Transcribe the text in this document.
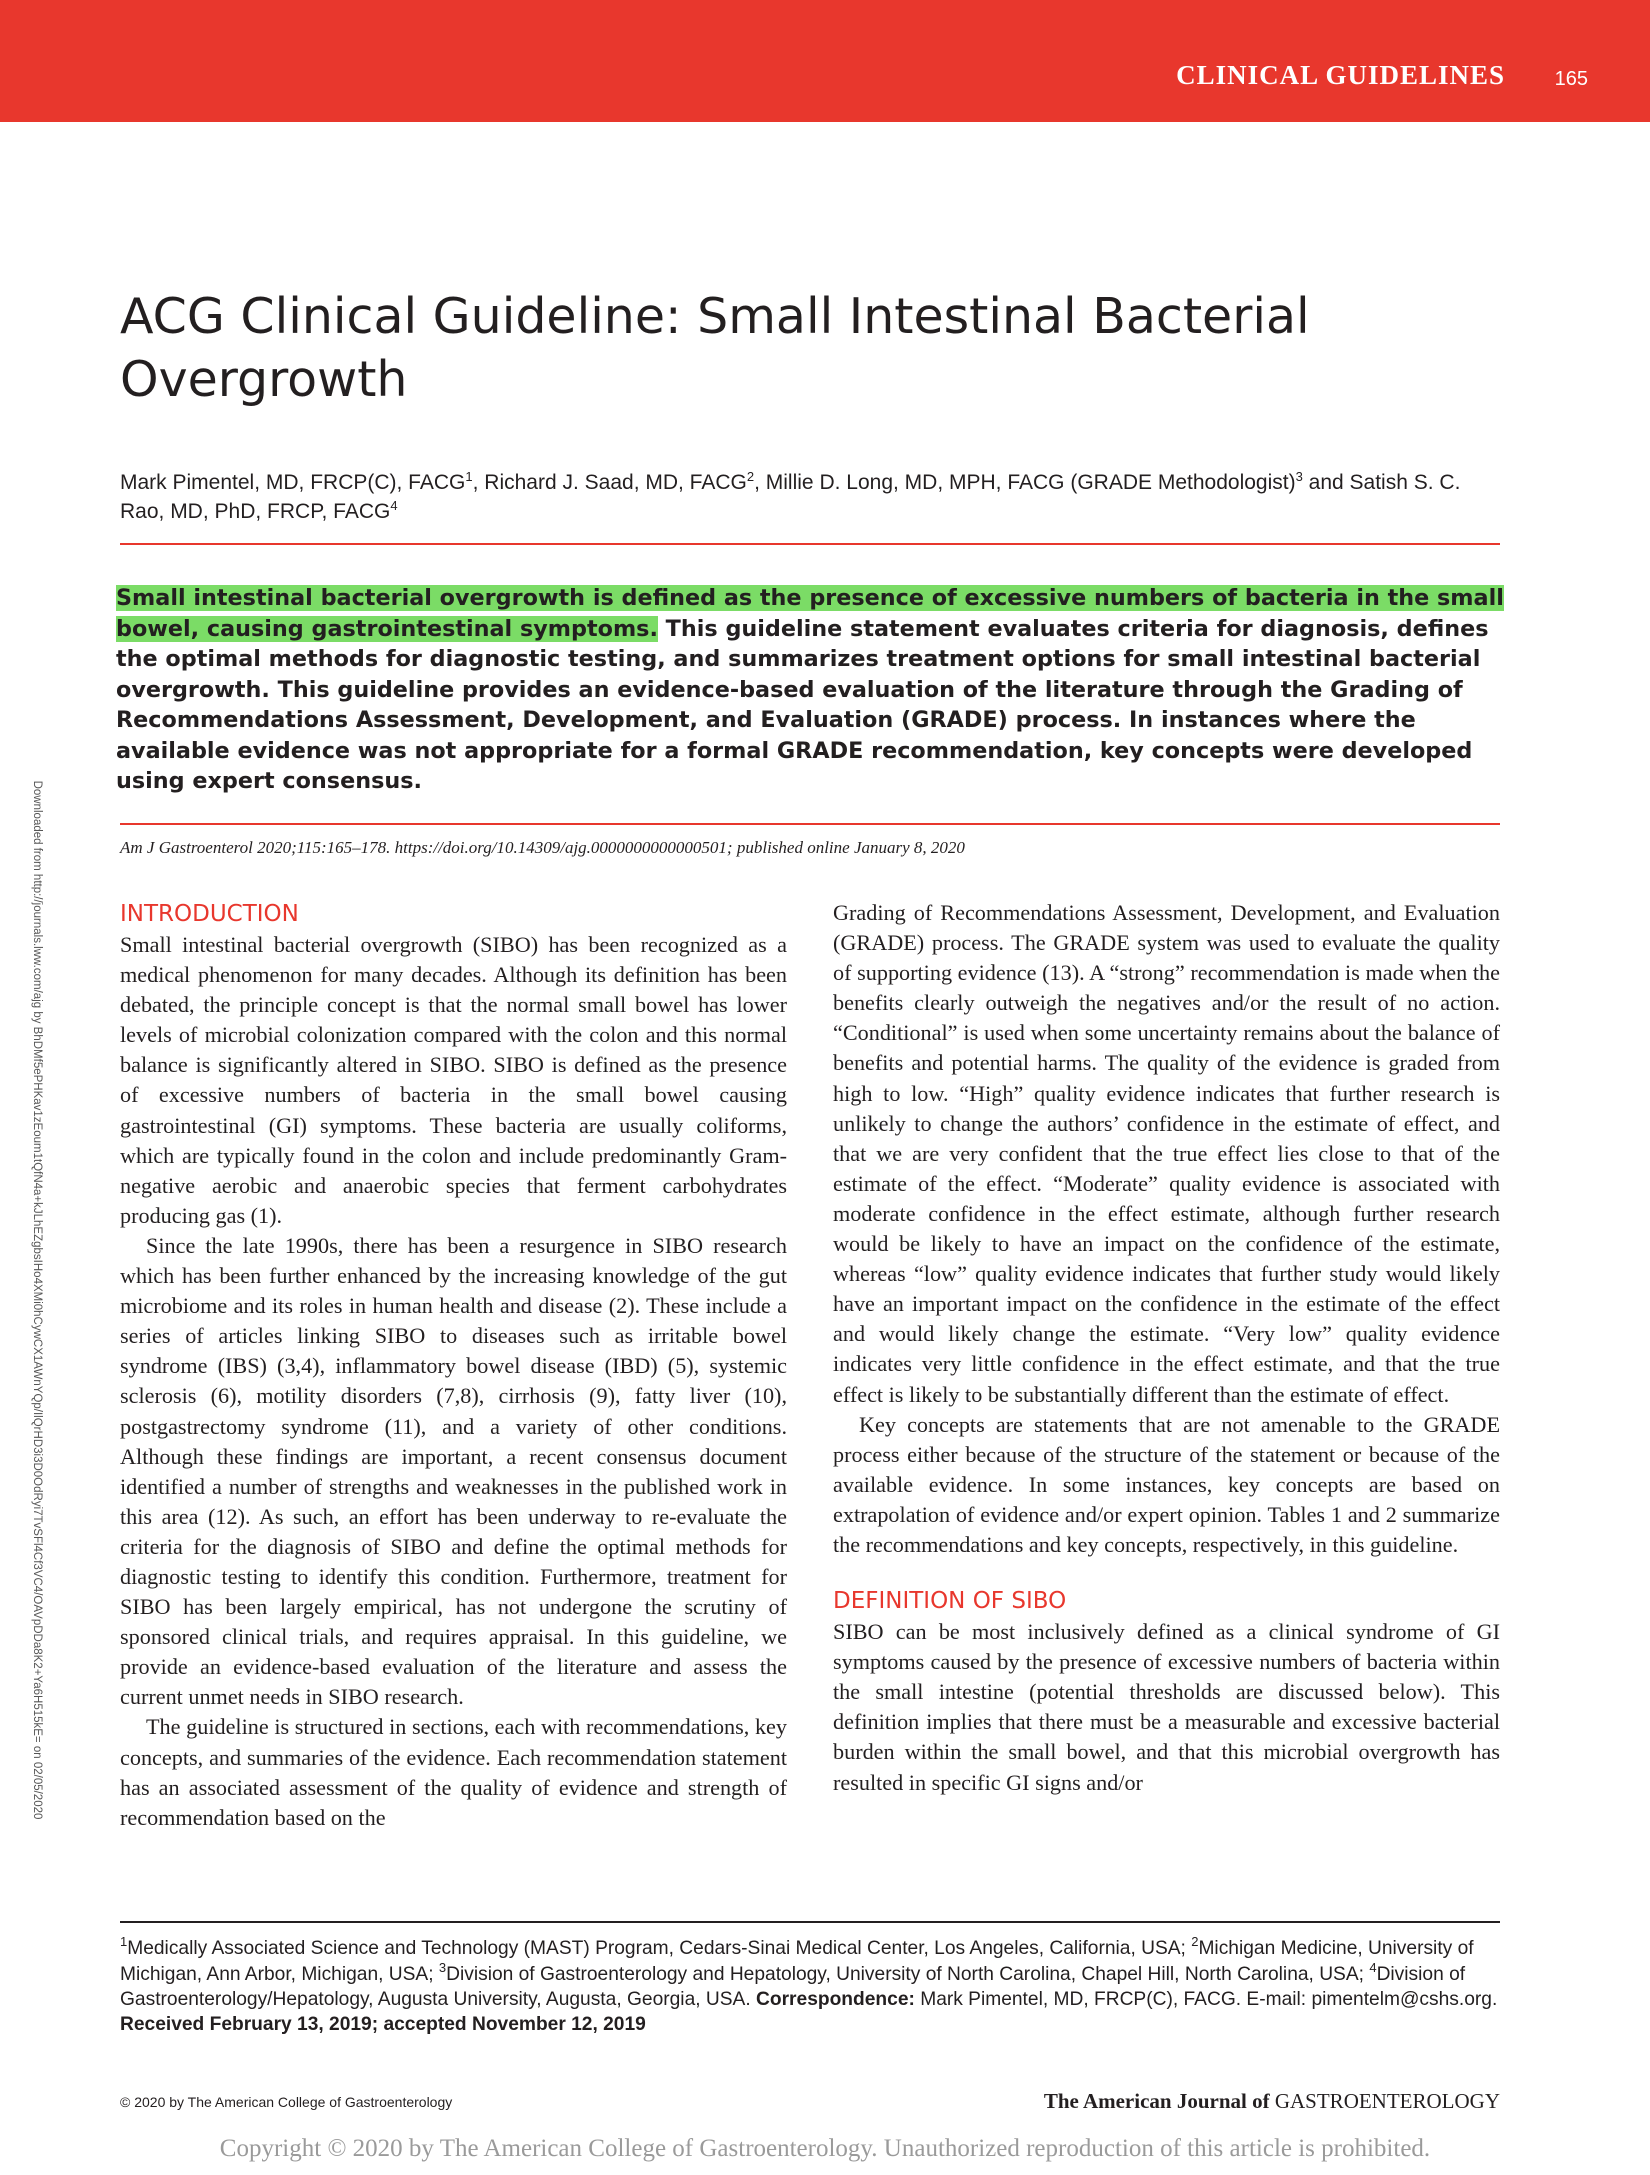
CLINICAL GUIDELINES 165
Downloaded from http://journals.lww.com/ajg by BhDMf5ePHKav1zEoum1tQfN4a+kJLhEZgbsIHo4XMi0hCywCX1AWnYQp/IlQrHD3i3D0OdRyi7TvSFl4Cf3VC4/OAVpDDa8K2+Ya6H515kE= on 02/05/2020
ACG Clinical Guideline: Small Intestinal Bacterial Overgrowth

Mark Pimentel, MD, FRCP(C), FACG$^1$, Richard J. Saad, MD, FACG$^2$, Millie D. Long, MD, MPH, FACG (GRADE Methodologist)$^3$ and Satish S. C. Rao, MD, PhD, FRCP, FACG$^4$

Small intestinal bacterial overgrowth is defined as the presence of excessive numbers of bacteria in the small bowel, causing gastrointestinal symptoms. This guideline statement evaluates criteria for diagnosis, defines the optimal methods for diagnostic testing, and summarizes treatment options for small intestinal bacterial overgrowth. This guideline provides an evidence-based evaluation of the literature through the Grading of Recommendations Assessment, Development, and Evaluation (GRADE) process. In instances where the available evidence was not appropriate for a formal GRADE recommendation, key concepts were developed using expert consensus.

Am J Gastroenterol 2020;115:165–178. https://doi.org/10.14309/ajg.0000000000000501; published online January 8, 2020

INTRODUCTION

Small intestinal bacterial overgrowth (SIBO) has been recognized as a medical phenomenon for many decades. Although its definition has been debated, the principle concept is that the normal small bowel has lower levels of microbial colonization compared with the colon and this normal balance is significantly altered in SIBO. SIBO is defined as the presence of excessive numbers of bacteria in the small bowel causing gastrointestinal (GI) symptoms. These bacteria are usually coliforms, which are typically found in the colon and include predominantly Gram-negative aerobic and anaerobic species that ferment carbohydrates producing gas (1).

Since the late 1990s, there has been a resurgence in SIBO research which has been further enhanced by the increasing knowledge of the gut microbiome and its roles in human health and disease (2). These include a series of articles linking SIBO to diseases such as irritable bowel syndrome (IBS) (3,4), inflammatory bowel disease (IBD) (5), systemic sclerosis (6), motility disorders (7,8), cirrhosis (9), fatty liver (10), postgastrectomy syndrome (11), and a variety of other conditions. Although these findings are important, a recent consensus document identified a number of strengths and weaknesses in the published work in this area (12). As such, an effort has been underway to re-evaluate the criteria for the diagnosis of SIBO and define the optimal methods for diagnostic testing to identify this condition. Furthermore, treatment for SIBO has been largely empirical, has not undergone the scrutiny of sponsored clinical trials, and requires appraisal. In this guideline, we provide an evidence-based evaluation of the literature and assess the current unmet needs in SIBO research.

The guideline is structured in sections, each with recommendations, key concepts, and summaries of the evidence. Each recommendation statement has an associated assessment of the quality of evidence and strength of recommendation based on the

Grading of Recommendations Assessment, Development, and Evaluation (GRADE) process. The GRADE system was used to evaluate the quality of supporting evidence (13). A “strong” recommendation is made when the benefits clearly outweigh the negatives and/or the result of no action. “Conditional” is used when some uncertainty remains about the balance of benefits and potential harms. The quality of the evidence is graded from high to low. “High” quality evidence indicates that further research is unlikely to change the authors’ confidence in the estimate of effect, and that we are very confident that the true effect lies close to that of the estimate of the effect. “Moderate” quality evidence is associated with moderate confidence in the effect estimate, although further research would be likely to have an impact on the confidence of the estimate, whereas “low” quality evidence indicates that further study would likely have an important impact on the confidence in the estimate of the effect and would likely change the estimate. “Very low” quality evidence indicates very little confidence in the effect estimate, and that the true effect is likely to be substantially different than the estimate of effect.

Key concepts are statements that are not amenable to the GRADE process either because of the structure of the statement or because of the available evidence. In some instances, key concepts are based on extrapolation of evidence and/or expert opinion. Tables 1 and 2 summarize the recommendations and key concepts, respectively, in this guideline.

DEFINITION OF SIBO

SIBO can be most inclusively defined as a clinical syndrome of GI symptoms caused by the presence of excessive numbers of bacteria within the small intestine (potential thresholds are discussed below). This definition implies that there must be a measurable and excessive bacterial burden within the small bowel, and that this microbial overgrowth has resulted in specific GI signs and/or

$^1$Medically Associated Science and Technology (MAST) Program, Cedars-Sinai Medical Center, Los Angeles, California, USA; $^2$Michigan Medicine, University of Michigan, Ann Arbor, Michigan, USA; $^3$Division of Gastroenterology and Hepatology, University of North Carolina, Chapel Hill, North Carolina, USA; $^4$Division of Gastroenterology/Hepatology, Augusta University, Augusta, Georgia, USA. Correspondence: Mark Pimentel, MD, FRCP(C), FACG. E-mail: pimentelm@cshs.org.

Received February 13, 2019; accepted November 12, 2019

© 2020 by The American College of Gastroenterology	The American Journal of GASTROENTEROLOGY
Copyright © 2020 by The American College of Gastroenterology. Unauthorized reproduction of this article is prohibited.
